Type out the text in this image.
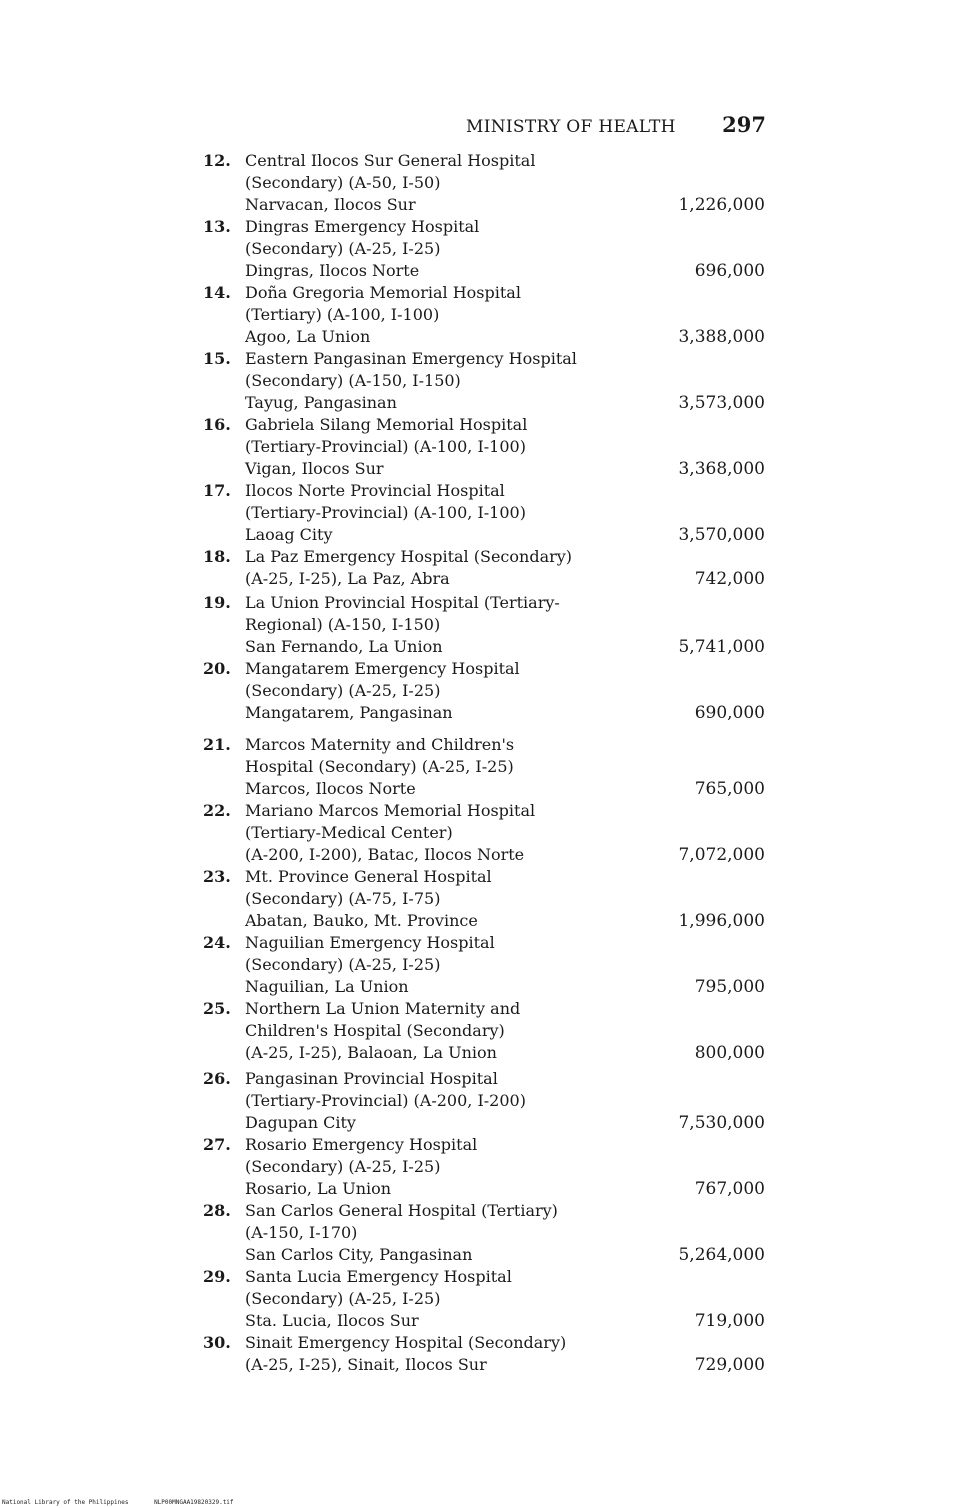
MINISTRY OF HEALTH 297
12. Central Ilocos Sur General Hospital
(Secondary) (A-50, I-50)
Narvacan, Ilocos Sur	1,226,000
13. Dingras Emergency Hospital
(Secondary) (A-25, I-25)
Dingras, Ilocos Norte	696,000
14. Doña Gregoria Memorial Hospital
(Tertiary) (A-100, I-100)
Agoo, La Union	3,388,000
15. Eastern Pangasinan Emergency Hospital
(Secondary) (A-150, I-150)
Tayug, Pangasinan	3,573,000
16. Gabriela Silang Memorial Hospital
(Tertiary-Provincial) (A-100, I-100)
Vigan, Ilocos Sur	3,368,000
17. Ilocos Norte Provincial Hospital
(Tertiary-Provincial) (A-100, I-100)
Laoag City	3,570,000
18. La Paz Emergency Hospital (Secondary)
(A-25, I-25), La Paz, Abra	742,000
19. La Union Provincial Hospital (Tertiary-
Regional) (A-150, I-150)
San Fernando, La Union	5,741,000
20. Mangatarem Emergency Hospital
(Secondary) (A-25, I-25)
Mangatarem, Pangasinan	690,000
21. Marcos Maternity and Children's
Hospital (Secondary) (A-25, I-25)
Marcos, Ilocos Norte	765,000
22. Mariano Marcos Memorial Hospital
(Tertiary-Medical Center)
(A-200, I-200), Batac, Ilocos Norte	7,072,000
23. Mt. Province General Hospital
(Secondary) (A-75, I-75)
Abatan, Bauko, Mt. Province	1,996,000
24. Naguilian Emergency Hospital
(Secondary) (A-25, I-25)
Naguilian, La Union	795,000
25. Northern La Union Maternity and
Children's Hospital (Secondary)
(A-25, I-25), Balaoan, La Union	800,000
26. Pangasinan Provincial Hospital
(Tertiary-Provincial) (A-200, I-200)
Dagupan City	7,530,000
27. Rosario Emergency Hospital
(Secondary) (A-25, I-25)
Rosario, La Union	767,000
28. San Carlos General Hospital (Tertiary)
(A-150, I-170)
San Carlos City, Pangasinan	5,264,000
29. Santa Lucia Emergency Hospital
(Secondary) (A-25, I-25)
Sta. Lucia, Ilocos Sur	719,000
30. Sinait Emergency Hospital (Secondary)
(A-25, I-25), Sinait, Ilocos Sur	729,000
National Library of the Philippines	NLP00MNGAA19820329.tif
